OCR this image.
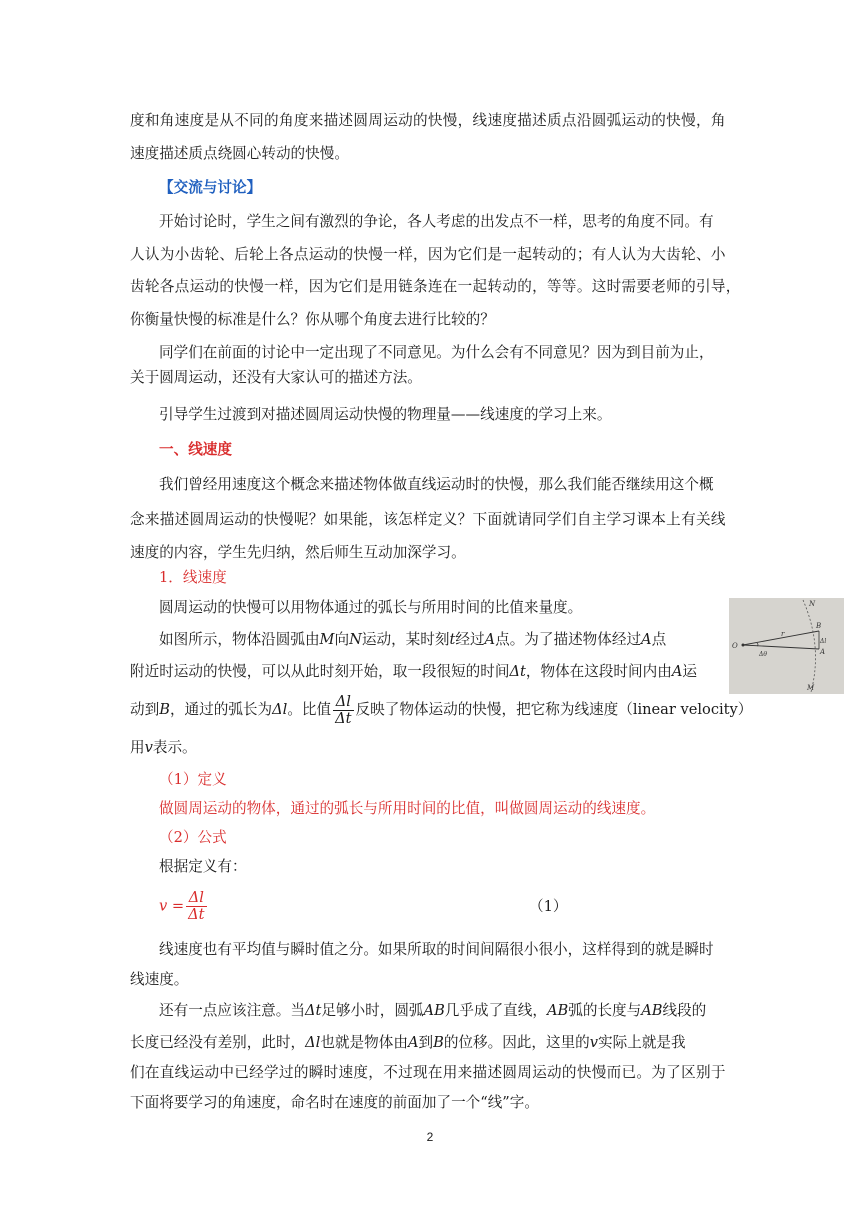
度和角速度是从不同的角度来描述圆周运动的快慢，线速度描述质点沿圆弧运动的快慢，角
速度描述质点绕圆心转动的快慢。
【交流与讨论】
开始讨论时，学生之间有激烈的争论，各人考虑的出发点不一样，思考的角度不同。有
人认为小齿轮、后轮上各点运动的快慢一样，因为它们是一起转动的；有人认为大齿轮、小
齿轮各点运动的快慢一样，因为它们是用链条连在一起转动的，等等。这时需要老师的引导，
你衡量快慢的标准是什么？你从哪个角度去进行比较的？
同学们在前面的讨论中一定出现了不同意见。为什么会有不同意见？因为到目前为止，
关于圆周运动，还没有大家认可的描述方法。
引导学生过渡到对描述圆周运动快慢的物理量——线速度的学习上来。
一、线速度
我们曾经用速度这个概念来描述物体做直线运动时的快慢，那么我们能否继续用这个概
念来描述圆周运动的快慢呢？如果能，该怎样定义？下面就请同学们自主学习课本上有关线
速度的内容，学生先归纳，然后师生互动加深学习。
1．线速度
圆周运动的快慢可以用物体通过的弧长与所用时间的比值来量度。
如图所示，物体沿圆弧由M向N运动，某时刻t经过A点。为了描述物体经过A点
附近时运动的快慢，可以从此时刻开始，取一段很短的时间Δt，物体在这段时间内由A运
动到B，通过的弧长为Δl。比值 $\frac{\Delta l}{\Delta t}$ 反映了物体运动的快慢，把它称为线速度（linear velocity）
用v表示。
N
B
r
O
Δl
A
Δθ
M
（1）定义
做圆周运动的物体，通过的弧长与所用时间的比值，叫做圆周运动的线速度。
（2）公式
根据定义有：
$v = \frac{\Delta l}{\Delta t}$	（1）
线速度也有平均值与瞬时值之分。如果所取的时间间隔很小很小，这样得到的就是瞬时
线速度。
还有一点应该注意。当Δt足够小时，圆弧AB几乎成了直线，AB弧的长度与AB线段的
长度已经没有差别，此时，Δl也就是物体由A到B的位移。因此，这里的v实际上就是我
们在直线运动中已经学过的瞬时速度，不过现在用来描述圆周运动的快慢而已。为了区别于
下面将要学习的角速度，命名时在速度的前面加了一个“线”字。
2
